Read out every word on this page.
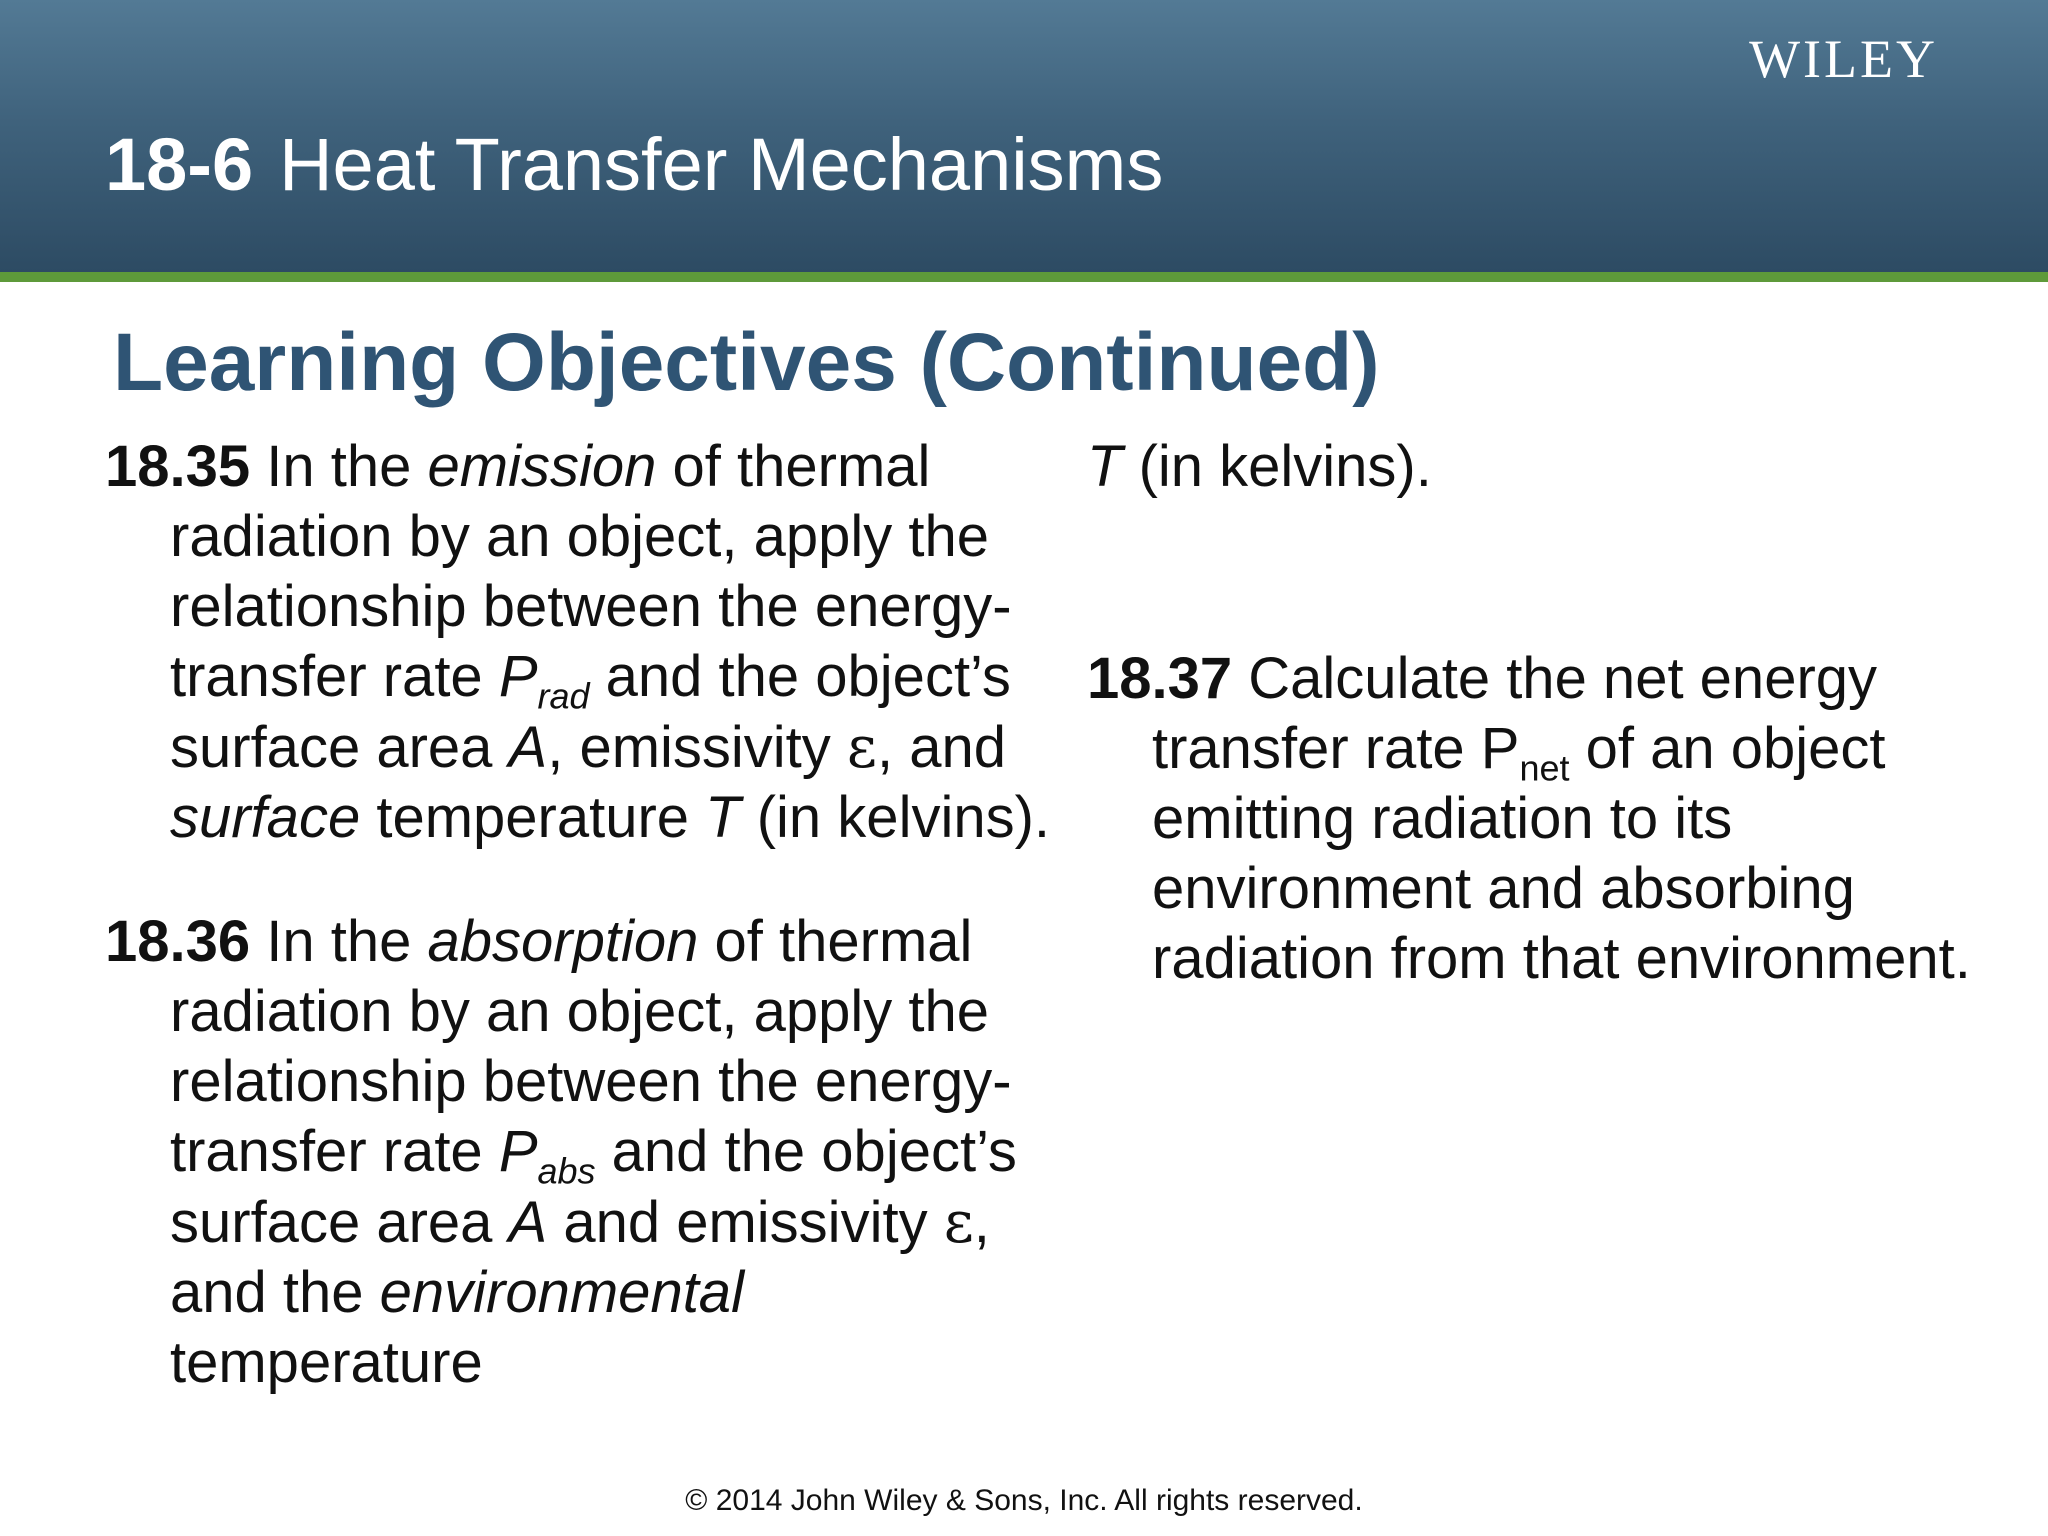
WILEY
18-6 Heat Transfer Mechanisms
Learning Objectives (Continued)

18.35 In the emission of thermal radiation by an object, apply the relationship between the energy-transfer rate $P_{rad}$ and the object’s surface area A, emissivity ε, and surface temperature T (in kelvins).

18.36 In the absorption of thermal radiation by an object, apply the relationship between the energy-transfer rate $P_{abs}$ and the object’s surface area A and emissivity ε, and the environmental temperature

T (in kelvins).

18.37 Calculate the net energy transfer rate $P_{net}$ of an object emitting radiation to its environment and absorbing radiation from that environment.

© 2014 John Wiley & Sons, Inc. All rights reserved.
